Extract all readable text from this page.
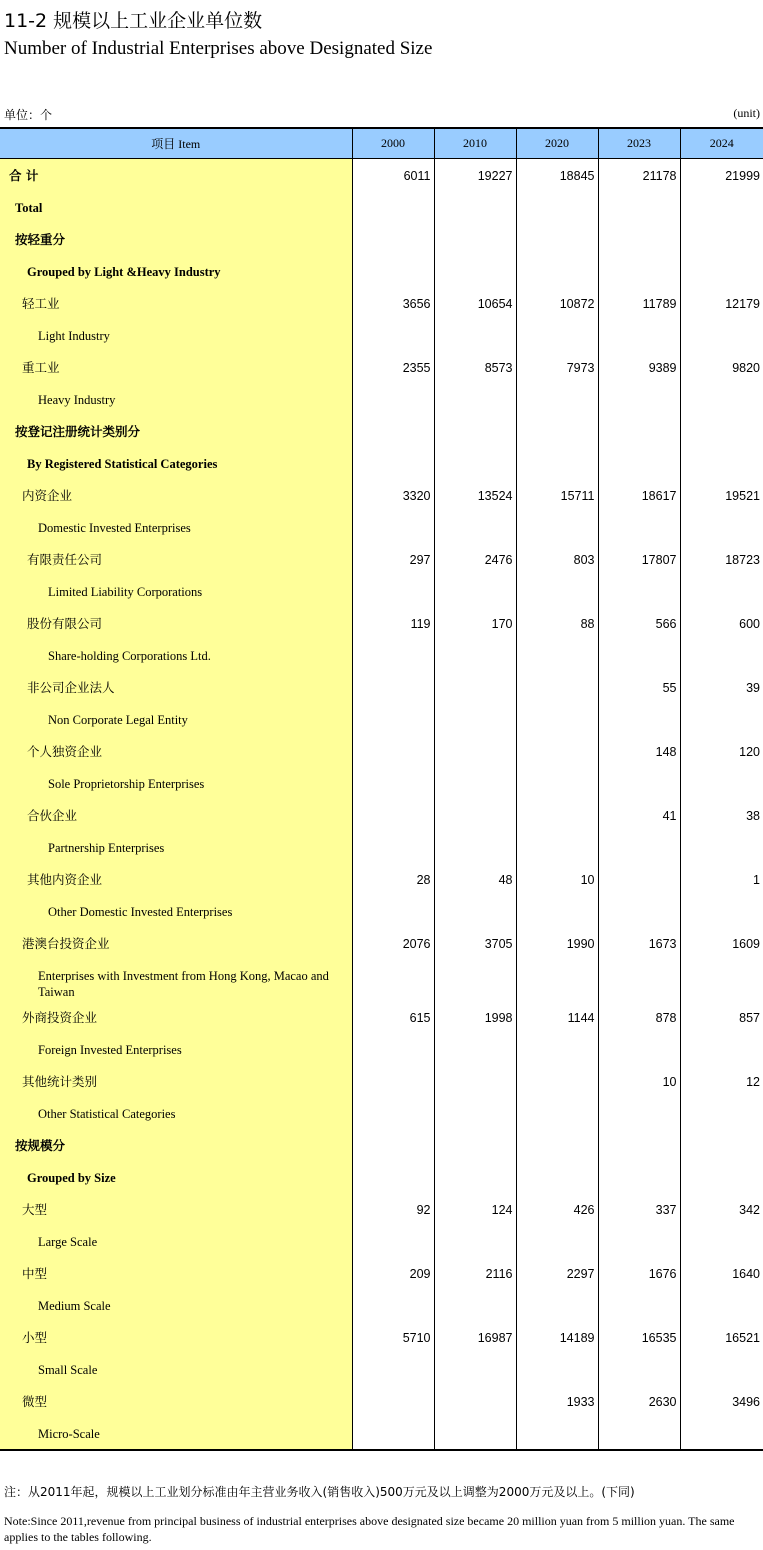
11-2 规模以上工业企业单位数
Number of Industrial Enterprises above Designated Size
单位：个	(unit)
项目 Item	2000	2010	2020	2023	2024

合 计	6011	19227	18845	21178	21999

Total					

按轻重分					

Grouped by Light &Heavy Industry					

轻工业	3656	10654	10872	11789	12179

Light Industry					

重工业	2355	8573	7973	9389	9820

Heavy Industry					

按登记注册统计类别分					

By Registered Statistical Categories					

内资企业	3320	13524	15711	18617	19521

Domestic Invested Enterprises					

有限责任公司	297	2476	803	17807	18723

Limited Liability Corporations					

股份有限公司	119	170	88	566	600

Share-holding Corporations Ltd.					

非公司企业法人				55	39

Non Corporate Legal Entity					

个人独资企业				148	120

Sole Proprietorship Enterprises					

合伙企业				41	38

Partnership Enterprises					

其他内资企业	28	48	10		1

Other Domestic Invested Enterprises					

港澳台投资企业	2076	3705	1990	1673	1609

Enterprises with Investment from Hong Kong, Macao and Taiwan					

外商投资企业	615	1998	1144	878	857

Foreign Invested Enterprises					

其他统计类别				10	12

Other Statistical Categories					

按规模分					

Grouped by Size					

大型	92	124	426	337	342

Large Scale					

中型	209	2116	2297	1676	1640

Medium Scale					

小型	5710	16987	14189	16535	16521

Small Scale					

微型			1933	2630	3496

Micro-Scale					

注：从2011年起，规模以上工业划分标准由年主营业务收入(销售收入)500万元及以上调整为2000万元及以上。(下同)
Note:Since 2011,revenue from principal business of industrial enterprises above designated size became 20 million yuan from 5 million yuan. The same applies to the tables following.
